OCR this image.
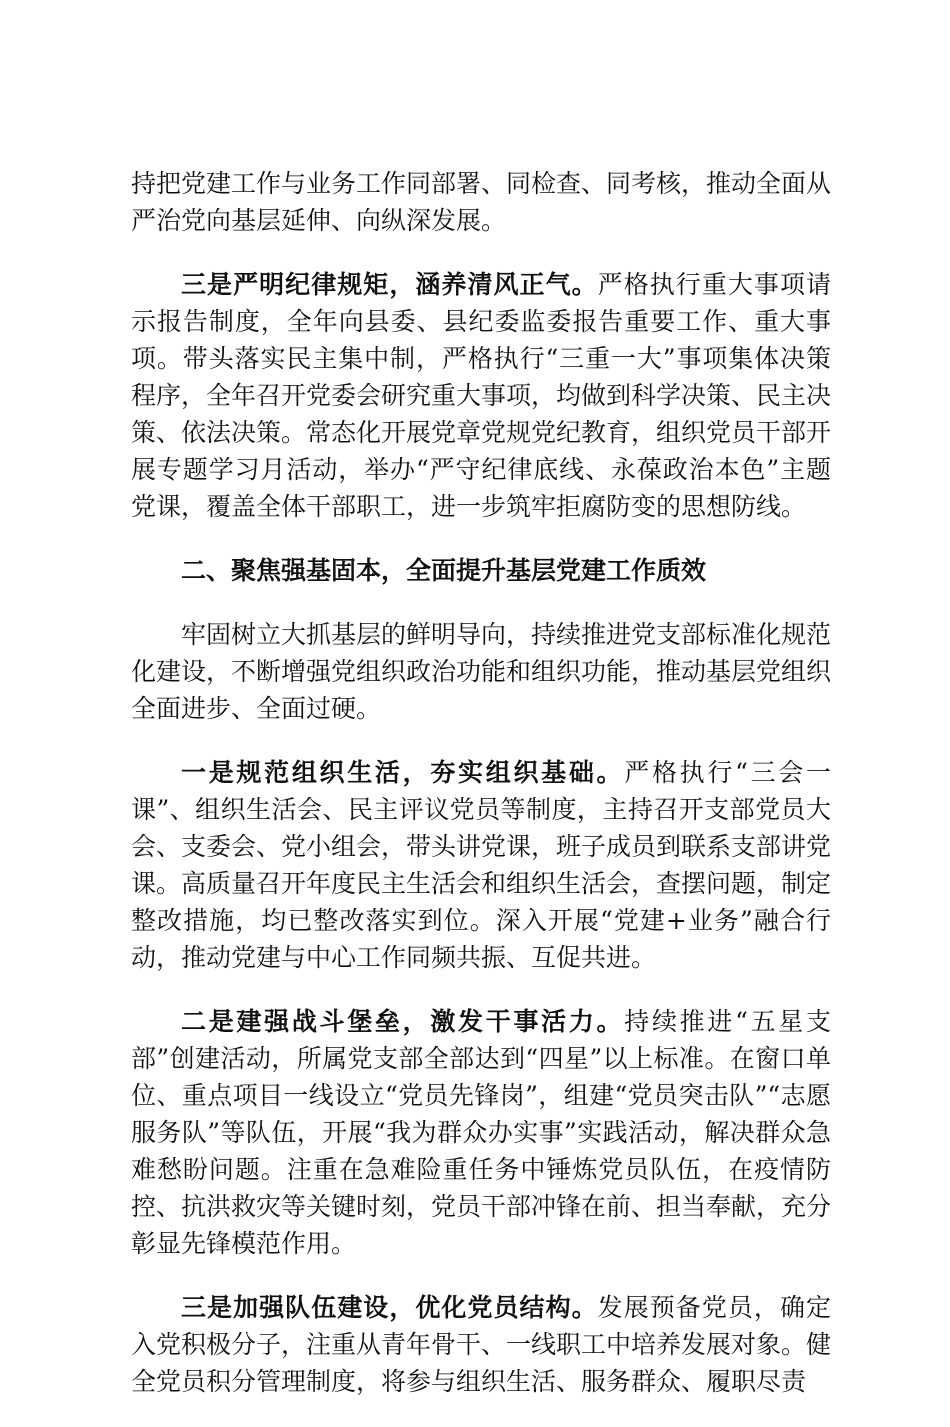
持把党建工作与业务工作同部署、同检查、同考核，推动全面从严治党向基层延伸、向纵深发展。

三是严明纪律规矩，涵养清风正气。严格执行重大事项请示报告制度，全年向县委、县纪委监委报告重要工作、重大事项。带头落实民主集中制，严格执行“三重一大”事项集体决策程序，全年召开党委会研究重大事项，均做到科学决策、民主决策、依法决策。常态化开展党章党规党纪教育，组织党员干部开展专题学习月活动，举办“严守纪律底线、永葆政治本色”主题党课，覆盖全体干部职工，进一步筑牢拒腐防变的思想防线。

二、聚焦强基固本，全面提升基层党建工作质效

牢固树立大抓基层的鲜明导向，持续推进党支部标准化规范化建设，不断增强党组织政治功能和组织功能，推动基层党组织全面进步、全面过硬。

一是规范组织生活，夯实组织基础。严格执行“三会一课”、组织生活会、民主评议党员等制度，主持召开支部党员大会、支委会、党小组会，带头讲党课，班子成员到联系支部讲党课。高质量召开年度民主生活会和组织生活会，查摆问题，制定整改措施，均已整改落实到位。深入开展“党建+业务”融合行动，推动党建与中心工作同频共振、互促共进。

二是建强战斗堡垒，激发干事活力。持续推进“五星支部”创建活动，所属党支部全部达到“四星”以上标准。在窗口单位、重点项目一线设立“党员先锋岗”，组建“党员突击队”“志愿服务队”等队伍，开展“我为群众办实事”实践活动，解决群众急难愁盼问题。注重在急难险重任务中锤炼党员队伍，在疫情防控、抗洪救灾等关键时刻，党员干部冲锋在前、担当奉献，充分彰显先锋模范作用。

三是加强队伍建设，优化党员结构。发展预备党员，确定入党积极分子，注重从青年骨干、一线职工中培养发展对象。健全党员积分管理制度，将参与组织生活、服务群众、履职尽责
